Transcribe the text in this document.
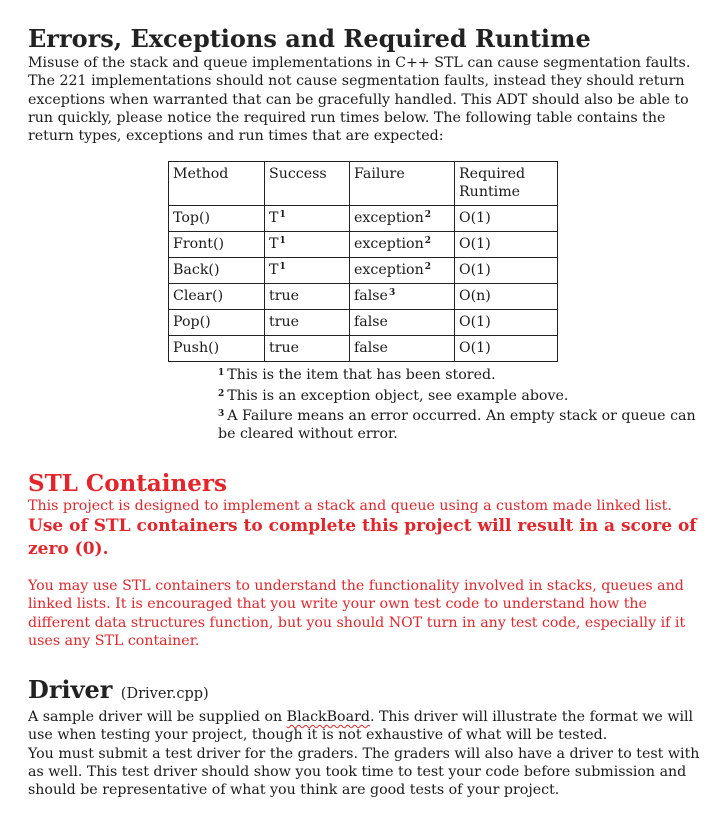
Errors, Exceptions and Required Runtime

Misuse of the stack and queue implementations in C++ STL can cause segmentation faults. The 221 implementations should not cause segmentation faults, instead they should return exceptions when warranted that can be gracefully handled. This ADT should also be able to run quickly, please notice the required run times below. The following table contains the return types, exceptions and run times that are expected:

Method	Success	Failure	Required Runtime
Top()	T$^1$	exception$^2$	O(1)
Front()	T$^1$	exception$^2$	O(1)
Back()	T$^1$	exception$^2$	O(1)
Clear()	true	false$^3$	O(n)
Pop()	true	false	O(1)
Push()	true	false	O(1)

$^1$ This is the item that has been stored.

$^2$ This is an exception object, see example above.

$^3$ A Failure means an error occurred. An empty stack or queue can be cleared without error.

STL Containers

This project is designed to implement a stack and queue using a custom made linked list.

Use of STL containers to complete this project will result in a score of zero (0).

You may use STL containers to understand the functionality involved in stacks, queues and linked lists. It is encouraged that you write your own test code to understand how the different data structures function, but you should NOT turn in any test code, especially if it uses any STL container.

Driver (Driver.cpp)

A sample driver will be supplied on BlackBoard. This driver will illustrate the format we will use when testing your project, though it is not exhaustive of what will be tested.

You must submit a test driver for the graders. The graders will also have a driver to test with as well. This test driver should show you took time to test your code before submission and should be representative of what you think are good tests of your project.
